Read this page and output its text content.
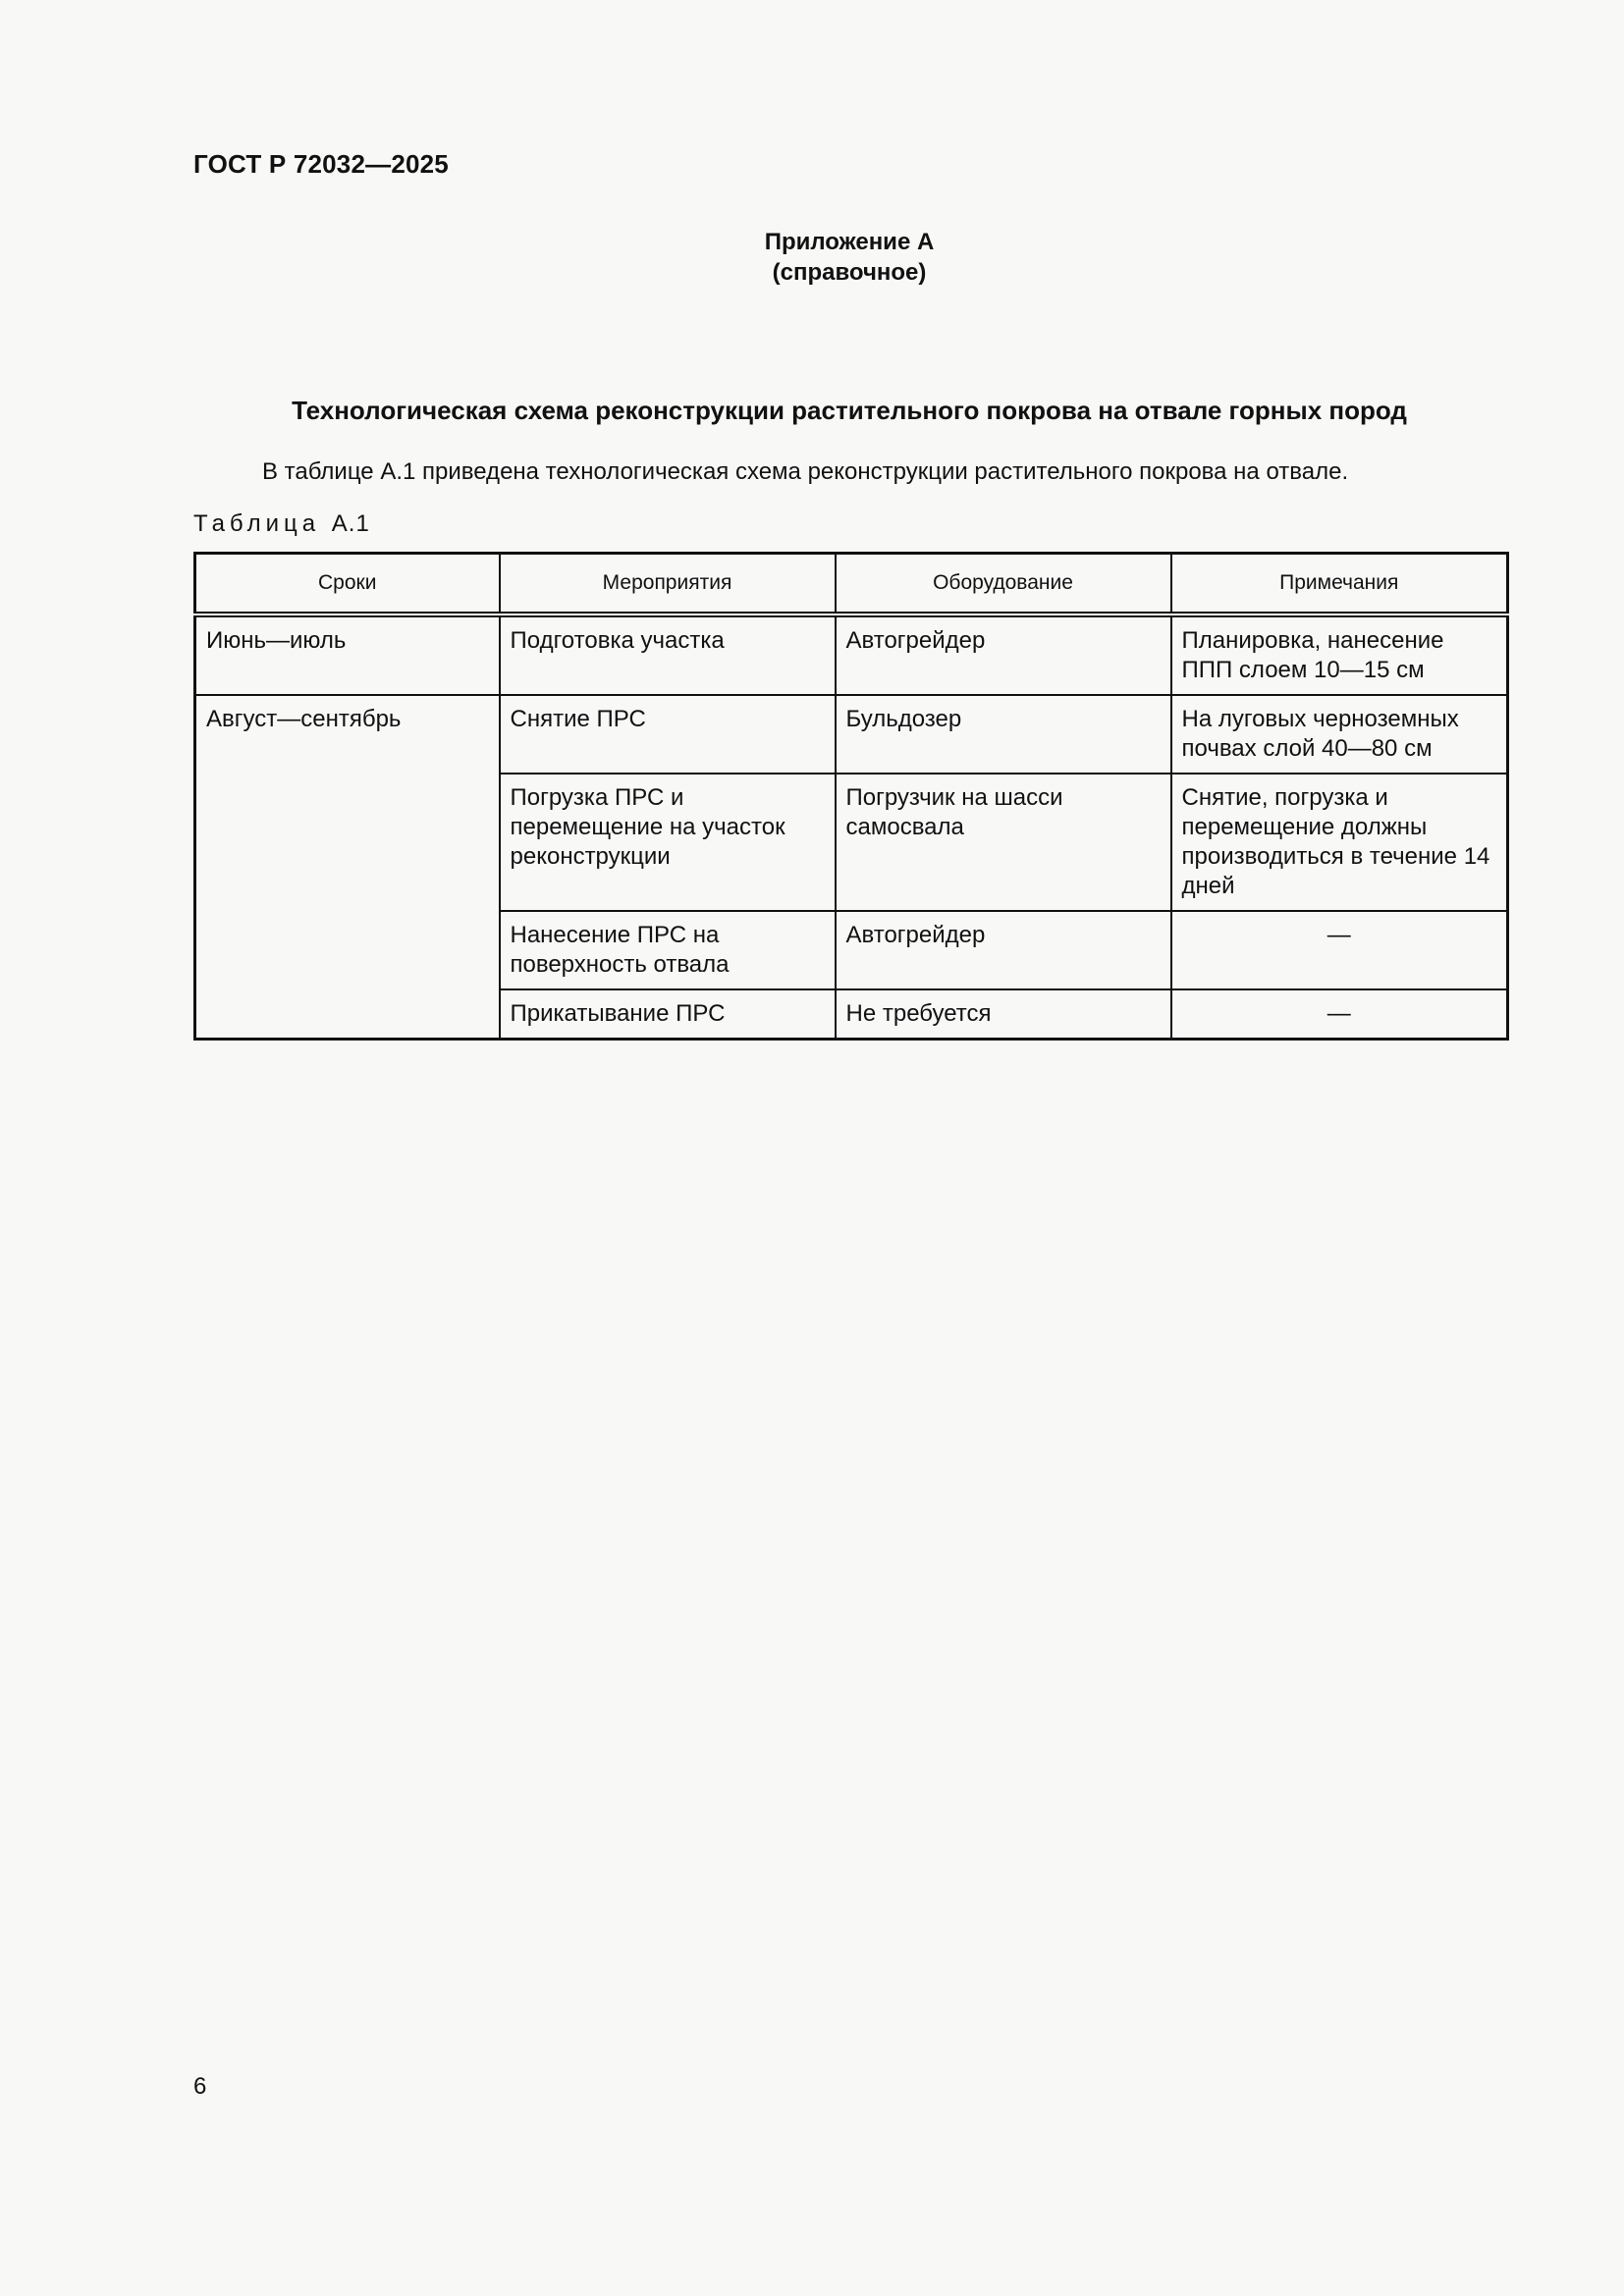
ГОСТ Р 72032—2025
Приложение А
(справочное)
Технологическая схема реконструкции растительного покрова на отвале горных пород
В таблице А.1 приведена технологическая схема реконструкции растительного покрова на отвале.
Таблица А.1
Сроки	Мероприятия	Оборудование	Примечания
Июнь—июль	Подготовка участка	Автогрейдер	Планировка, нанесение ППП слоем 10—15 см
Август—сентябрь	Снятие ПРС	Бульдозер	На луговых черноземных почвах слой 40—80 см
	Погрузка ПРС и перемещение на участок реконструкции	Погрузчик на шасси самосвала	Снятие, погрузка и перемещение должны производиться в течение 14 дней
	Нанесение ПРС на поверхность отвала	Автогрейдер	—
	Прикатывание ПРС	Не требуется	—
6
